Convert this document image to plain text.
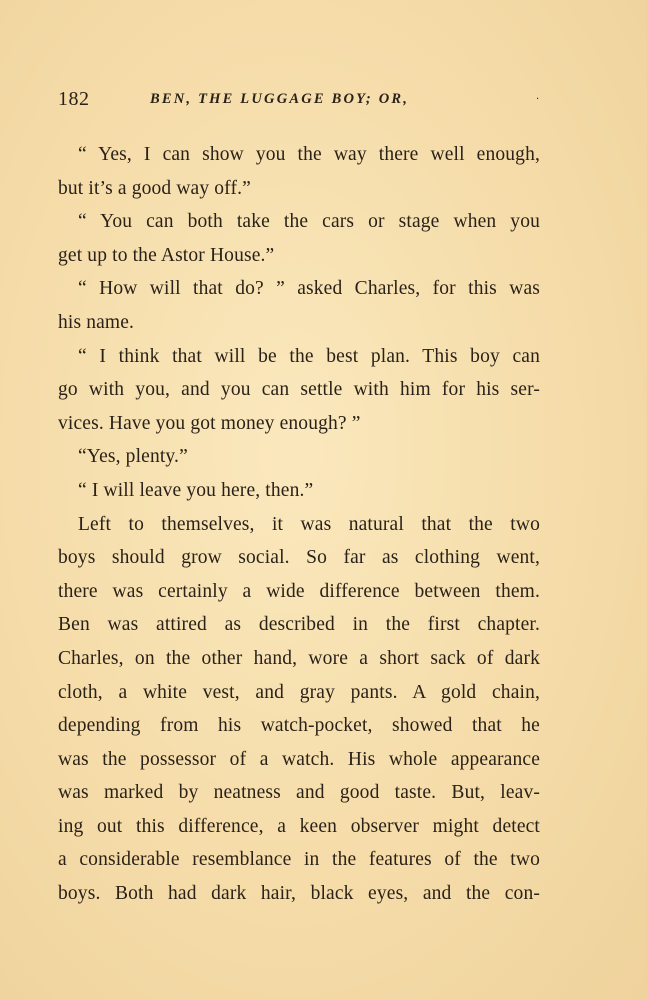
182	BEN, THE LUGGAGE BOY; OR,	·
“ Yes, I can show you the way there well enough,
but it’s a good way off.”
“ You can both take the cars or stage when you
get up to the Astor House.”
“ How will that do? ” asked Charles, for this was
his name.
“ I think that will be the best plan. This boy can
go with you, and you can settle with him for his ser-
vices. Have you got money enough? ”
“Yes, plenty.”
“ I will leave you here, then.”
Left to themselves, it was natural that the two
boys should grow social. So far as clothing went,
there was certainly a wide difference between them.
Ben was attired as described in the first chapter.
Charles, on the other hand, wore a short sack of dark
cloth, a white vest, and gray pants. A gold chain,
depending from his watch-pocket, showed that he
was the possessor of a watch. His whole appearance
was marked by neatness and good taste. But, leav-
ing out this difference, a keen observer might detect
a considerable resemblance in the features of the two
boys. Both had dark hair, black eyes, and the con-
